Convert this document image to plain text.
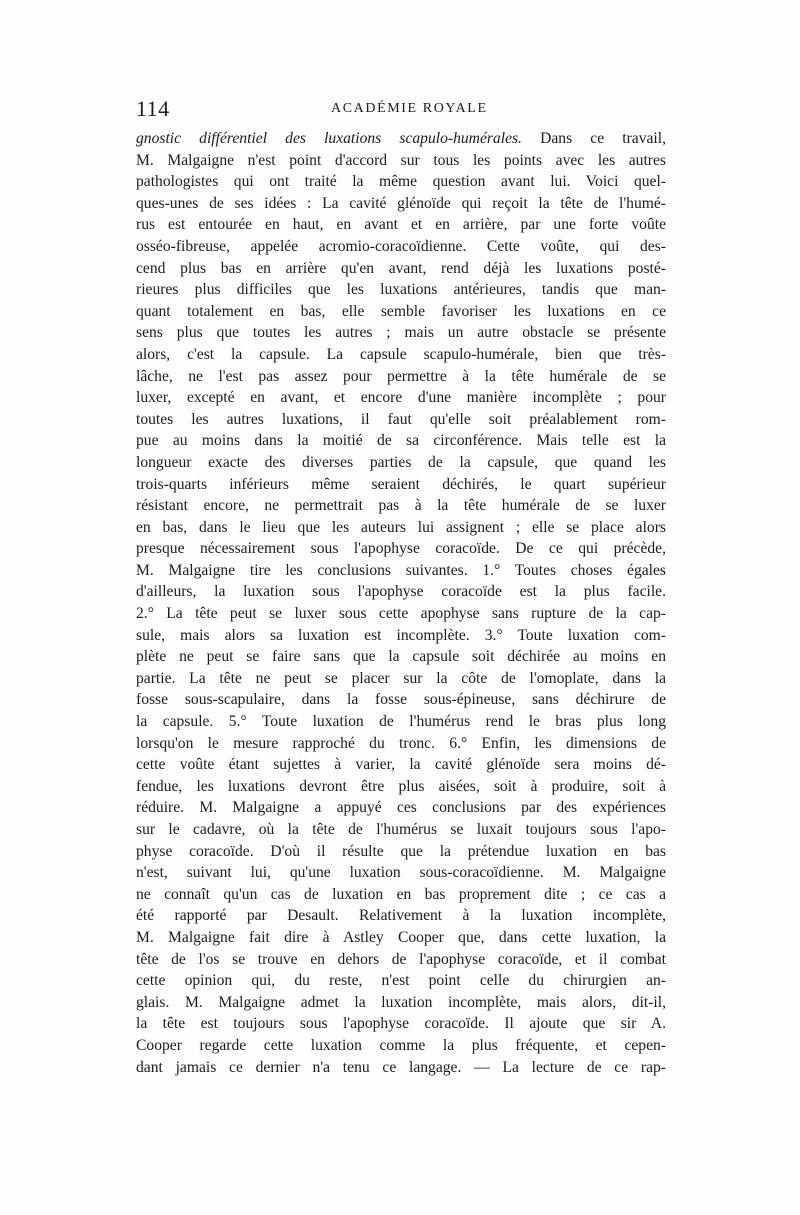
114	ACADÉMIE ROYALE
gnostic différentiel des luxations scapulo-humérales. Dans ce travail,
M. Malgaigne n'est point d'accord sur tous les points avec les autres
pathologistes qui ont traité la même question avant lui. Voici quel-
ques-unes de ses idées : La cavité glénoïde qui reçoit la tête de l'humé-
rus est entourée en haut, en avant et en arrière, par une forte voûte
osséo-fibreuse, appelée acromio-coracoïdienne. Cette voûte, qui des-
cend plus bas en arrière qu'en avant, rend déjà les luxations posté-
rieures plus difficiles que les luxations antérieures, tandis que man-
quant totalement en bas, elle semble favoriser les luxations en ce
sens plus que toutes les autres ; mais un autre obstacle se présente
alors, c'est la capsule. La capsule scapulo-humérale, bien que très-
lâche, ne l'est pas assez pour permettre à la tête humérale de se
luxer, excepté en avant, et encore d'une manière incomplète ; pour
toutes les autres luxations, il faut qu'elle soit préalablement rom-
pue au moins dans la moitié de sa circonférence. Mais telle est la
longueur exacte des diverses parties de la capsule, que quand les
trois-quarts inférieurs même seraient déchirés, le quart supérieur
résistant encore, ne permettrait pas à la tête humérale de se luxer
en bas, dans le lieu que les auteurs lui assignent ; elle se place alors
presque nécessairement sous l'apophyse coracoïde. De ce qui précède,
M. Malgaigne tire les conclusions suivantes. 1.° Toutes choses égales
d'ailleurs, la luxation sous l'apophyse coracoïde est la plus facile.
2.° La tête peut se luxer sous cette apophyse sans rupture de la cap-
sule, mais alors sa luxation est incomplète. 3.° Toute luxation com-
plète ne peut se faire sans que la capsule soit déchirée au moins en
partie. La tête ne peut se placer sur la côte de l'omoplate, dans la
fosse sous-scapulaire, dans la fosse sous-épineuse, sans déchirure de
la capsule. 5.° Toute luxation de l'humérus rend le bras plus long
lorsqu'on le mesure rapproché du tronc. 6.° Enfin, les dimensions de
cette voûte étant sujettes à varier, la cavité glénoïde sera moins dé-
fendue, les luxations devront être plus aisées, soit à produire, soit à
réduire. M. Malgaigne a appuyé ces conclusions par des expériences
sur le cadavre, où la tête de l'humérus se luxait toujours sous l'apo-
physe coracoïde. D'où il résulte que la prétendue luxation en bas
n'est, suivant lui, qu'une luxation sous-coracoïdienne. M. Malgaigne
ne connaît qu'un cas de luxation en bas proprement dite ; ce cas a
été rapporté par Desault. Relativement à la luxation incomplète,
M. Malgaigne fait dire à Astley Cooper que, dans cette luxation, la
tête de l'os se trouve en dehors de l'apophyse coracoïde, et il combat
cette opinion qui, du reste, n'est point celle du chirurgien an-
glais. M. Malgaigne admet la luxation incomplète, mais alors, dit-il,
la tête est toujours sous l'apophyse coracoïde. Il ajoute que sir A.
Cooper regarde cette luxation comme la plus fréquente, et cepen-
dant jamais ce dernier n'a tenu ce langage. — La lecture de ce rap-
